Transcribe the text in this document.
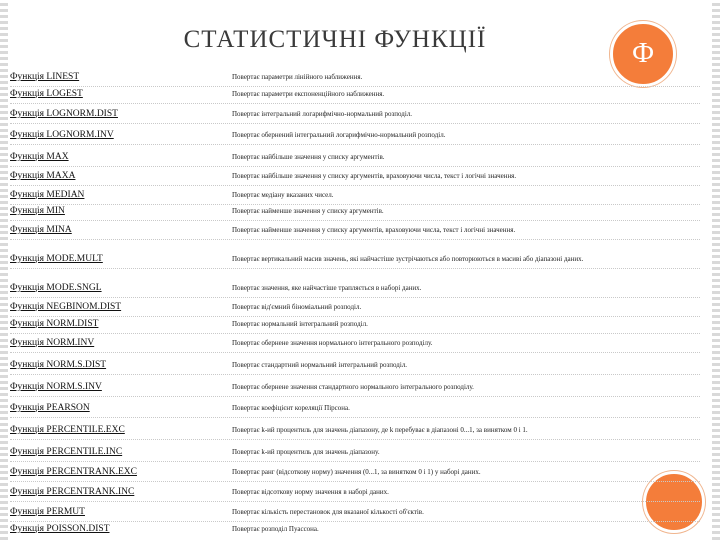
СТАТИСТИЧНІ ФУНКЦІЇ	Ф
Функція LINEST	Повертає параметри лінійного наближення.
Функція LOGEST	Повертає параметри експоненційного наближення.
Функція LOGNORM.DIST	Повертає інтегральний логарифмічно-нормальний розподіл.
Функція LOGNORM.INV	Повертає обернений інтегральний логарифмічно-нормальний розподіл.
Функція MAX	Повертає найбільше значення у списку аргументів.
Функція MAXA	Повертає найбільше значення у списку аргументів, враховуючи числа, текст і логічні значення.
Функція MEDIAN	Повертає медіану вказаних чисел.
Функція MIN	Повертає найменше значення у списку аргументів.
Функція MINA	Повертає найменше значення у списку аргументів, враховуючи числа, текст і логічні значення.
Функція MODE.MULT	Повертає вертикальний масив значень, які найчастіше зустрічаються або повторюються в масиві або діапазоні даних.
Функція MODE.SNGL	Повертає значення, яке найчастіше трапляється в наборі даних.
Функція NEGBINOM.DIST	Повертає від'ємний біноміальний розподіл.
Функція NORM.DIST	Повертає нормальний інтегральний розподіл.
Функція NORM.INV	Повертає обернене значення нормального інтегрального розподілу.
Функція NORM.S.DIST	Повертає стандартний нормальний інтегральний розподіл.
Функція NORM.S.INV	Повертає обернене значення стандартного нормального інтегрального розподілу.
Функція PEARSON	Повертає коефіцієнт кореляції Пірсона.
Функція PERCENTILE.EXC	Повертає k-ий процентиль для значень діапазону, де k перебуває в діапазоні 0...1, за винятком 0 і 1.
Функція PERCENTILE.INC	Повертає k-ий процентиль для значень діапазону.
Функція PERCENTRANK.EXC	Повертає ранг (відсоткову норму) значення (0...1, за винятком 0 і 1) у наборі даних.
Функція PERCENTRANK.INC	Повертає відсоткову норму значення в наборі даних.
Функція PERMUT	Повертає кількість перестановок для вказаної кількості об'єктів.
Функція POISSON.DIST	Повертає розподіл Пуассона.
